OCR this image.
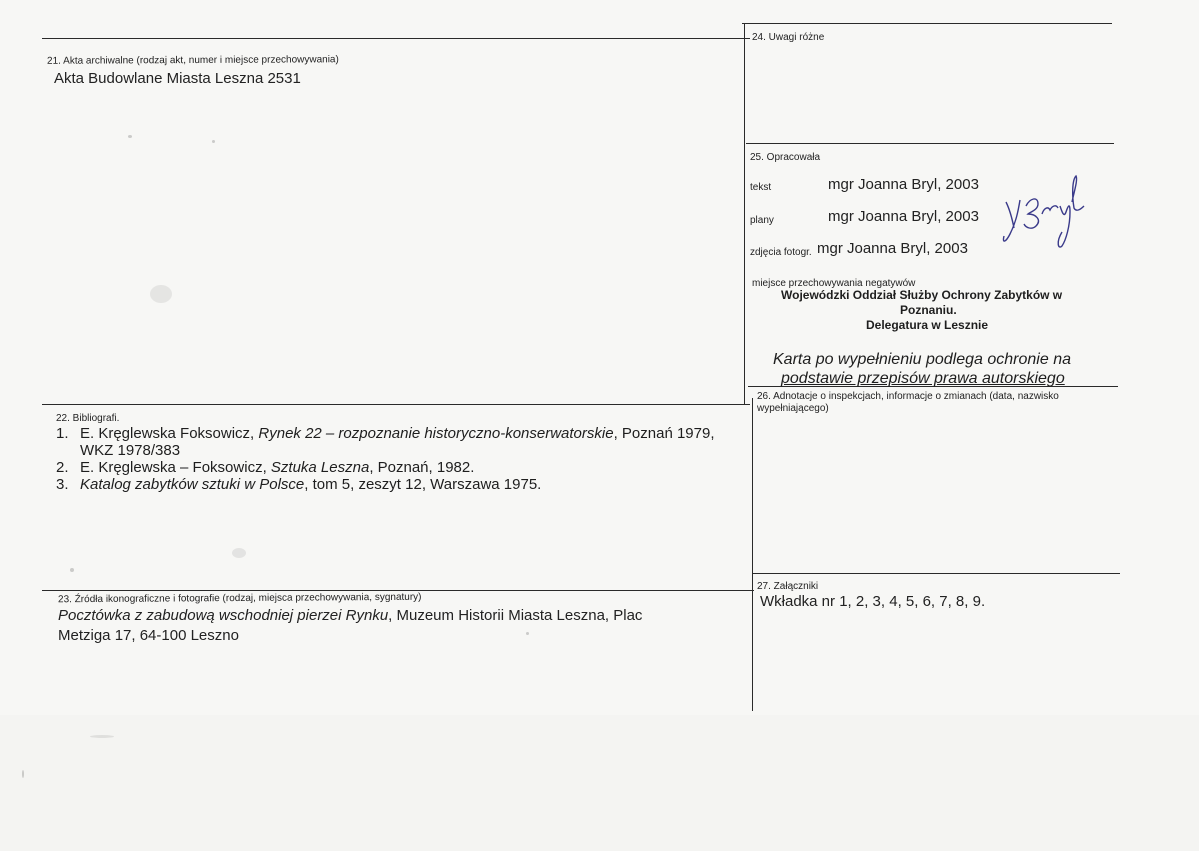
21. Akta archiwalne (rodzaj akt, numer i miejsce przechowywania)
Akta Budowlane Miasta Leszna 2531
22. Bibliografi.
1. E. Kręglewska Foksowicz, Rynek 22 – rozpoznanie historyczno-konserwatorskie, Poznań 1979,
WKZ 1978/383
2. E. Kręglewska – Foksowicz, Sztuka Leszna, Poznań, 1982.
3. Katalog zabytków sztuki w Polsce, tom 5, zeszyt 12, Warszawa 1975.
23. Źródła ikonograficzne i fotografie (rodzaj, miejsca przechowywania, sygnatury)
Pocztówka z zabudową wschodniej pierzei Rynku, Muzeum Historii Miasta Leszna, Plac
Metziga 17, 64-100 Leszno
24. Uwagi różne
25. Opracowała
tekst	mgr Joanna Bryl, 2003
plany	mgr Joanna Bryl, 2003
zdjęcia fotogr. mgr Joanna Bryl, 2003
miejsce przechowywania negatywów
Wojewódzki Oddział Służby Ochrony Zabytków w
Poznaniu.
Delegatura w Lesznie
Karta po wypełnieniu podlega ochronie na
podstawie przepisów prawa autorskiego
26. Adnotacje o inspekcjach, informacje o zmianach (data, nazwisko
wypełniającego)
27. Załączniki
Wkładka nr 1, 2, 3, 4, 5, 6, 7, 8, 9.
